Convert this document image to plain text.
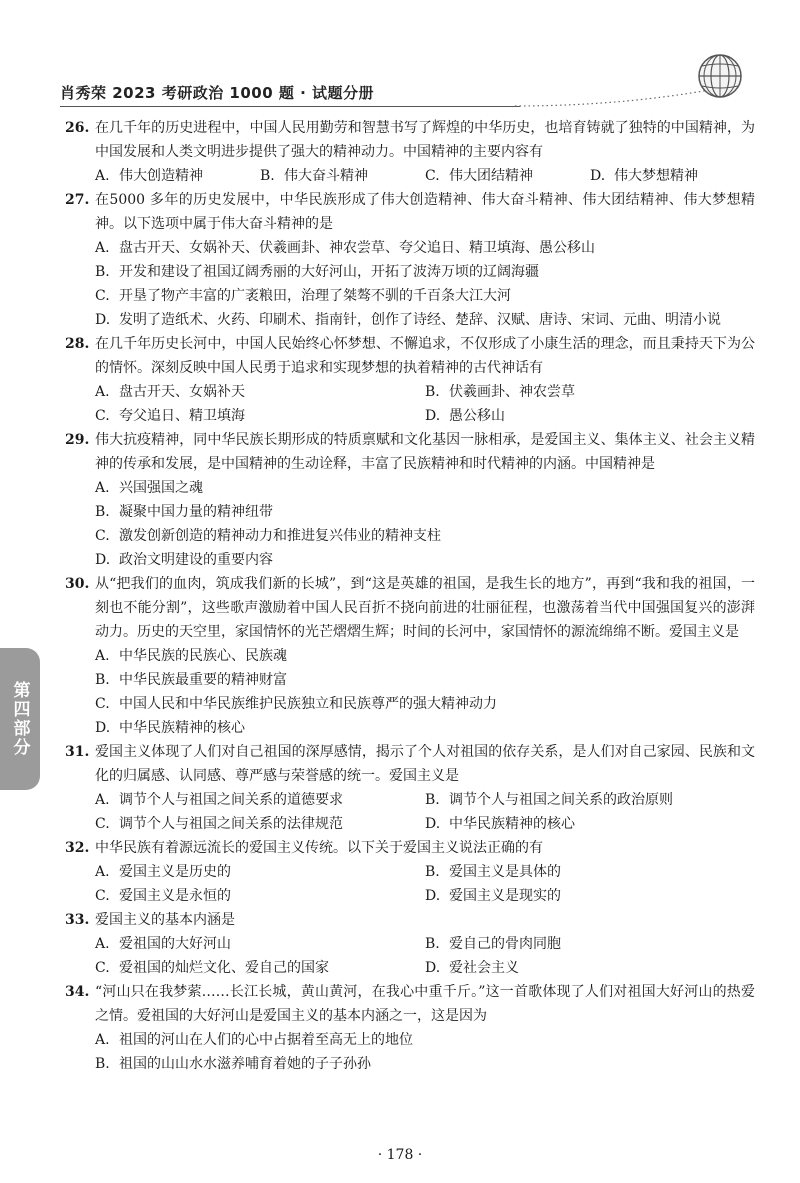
肖秀荣 2023 考研政治 1000 题 · 试题分册
26. 在几千年的历史进程中，中国人民用勤劳和智慧书写了辉煌的中华历史，也培育铸就了独特的中国精神，为中国发展和人类文明进步提供了强大的精神动力。中国精神的主要内容有
A. 伟大创造精神	B. 伟大奋斗精神	C. 伟大团结精神	D. 伟大梦想精神
27. 在5000 多年的历史发展中，中华民族形成了伟大创造精神、伟大奋斗精神、伟大团结精神、伟大梦想精神。以下选项中属于伟大奋斗精神的是
A. 盘古开天、女娲补天、伏羲画卦、神农尝草、夸父追日、精卫填海、愚公移山
B. 开发和建设了祖国辽阔秀丽的大好河山，开拓了波涛万顷的辽阔海疆
C. 开垦了物产丰富的广袤粮田，治理了桀骜不驯的千百条大江大河
D. 发明了造纸术、火药、印刷术、指南针，创作了诗经、楚辞、汉赋、唐诗、宋词、元曲、明清小说
28. 在几千年历史长河中，中国人民始终心怀梦想、不懈追求，不仅形成了小康生活的理念，而且秉持天下为公的情怀。深刻反映中国人民勇于追求和实现梦想的执着精神的古代神话有
A. 盘古开天、女娲补天	B. 伏羲画卦、神农尝草
C. 夸父追日、精卫填海	D. 愚公移山
29. 伟大抗疫精神，同中华民族长期形成的特质禀赋和文化基因一脉相承，是爱国主义、集体主义、社会主义精神的传承和发展，是中国精神的生动诠释，丰富了民族精神和时代精神的内涵。中国精神是
A. 兴国强国之魂
B. 凝聚中国力量的精神纽带
C. 激发创新创造的精神动力和推进复兴伟业的精神支柱
D. 政治文明建设的重要内容
30. 从“把我们的血肉，筑成我们新的长城”，到“这是英雄的祖国，是我生长的地方”，再到“我和我的祖国，一刻也不能分割”，这些歌声激励着中国人民百折不挠向前进的壮丽征程，也激荡着当代中国强国复兴的澎湃动力。历史的天空里，家国情怀的光芒熠熠生辉；时间的长河中，家国情怀的源流绵绵不断。爱国主义是
A. 中华民族的民族心、民族魂
B. 中华民族最重要的精神财富
C. 中国人民和中华民族维护民族独立和民族尊严的强大精神动力
D. 中华民族精神的核心
31. 爱国主义体现了人们对自己祖国的深厚感情，揭示了个人对祖国的依存关系，是人们对自己家园、民族和文化的归属感、认同感、尊严感与荣誉感的统一。爱国主义是
A. 调节个人与祖国之间关系的道德要求	B. 调节个人与祖国之间关系的政治原则
C. 调节个人与祖国之间关系的法律规范	D. 中华民族精神的核心
32. 中华民族有着源远流长的爱国主义传统。以下关于爱国主义说法正确的有
A. 爱国主义是历史的	B. 爱国主义是具体的
C. 爱国主义是永恒的	D. 爱国主义是现实的
33. 爱国主义的基本内涵是
A. 爱祖国的大好河山	B. 爱自己的骨肉同胞
C. 爱祖国的灿烂文化、爱自己的国家	D. 爱社会主义
34. “河山只在我梦萦……长江长城，黄山黄河，在我心中重千斤。”这一首歌体现了人们对祖国大好河山的热爱之情。爱祖国的大好河山是爱国主义的基本内涵之一，这是因为
A. 祖国的河山在人们的心中占据着至高无上的地位
B. 祖国的山山水水滋养哺育着她的子子孙孙
第四部分
· 178 ·
